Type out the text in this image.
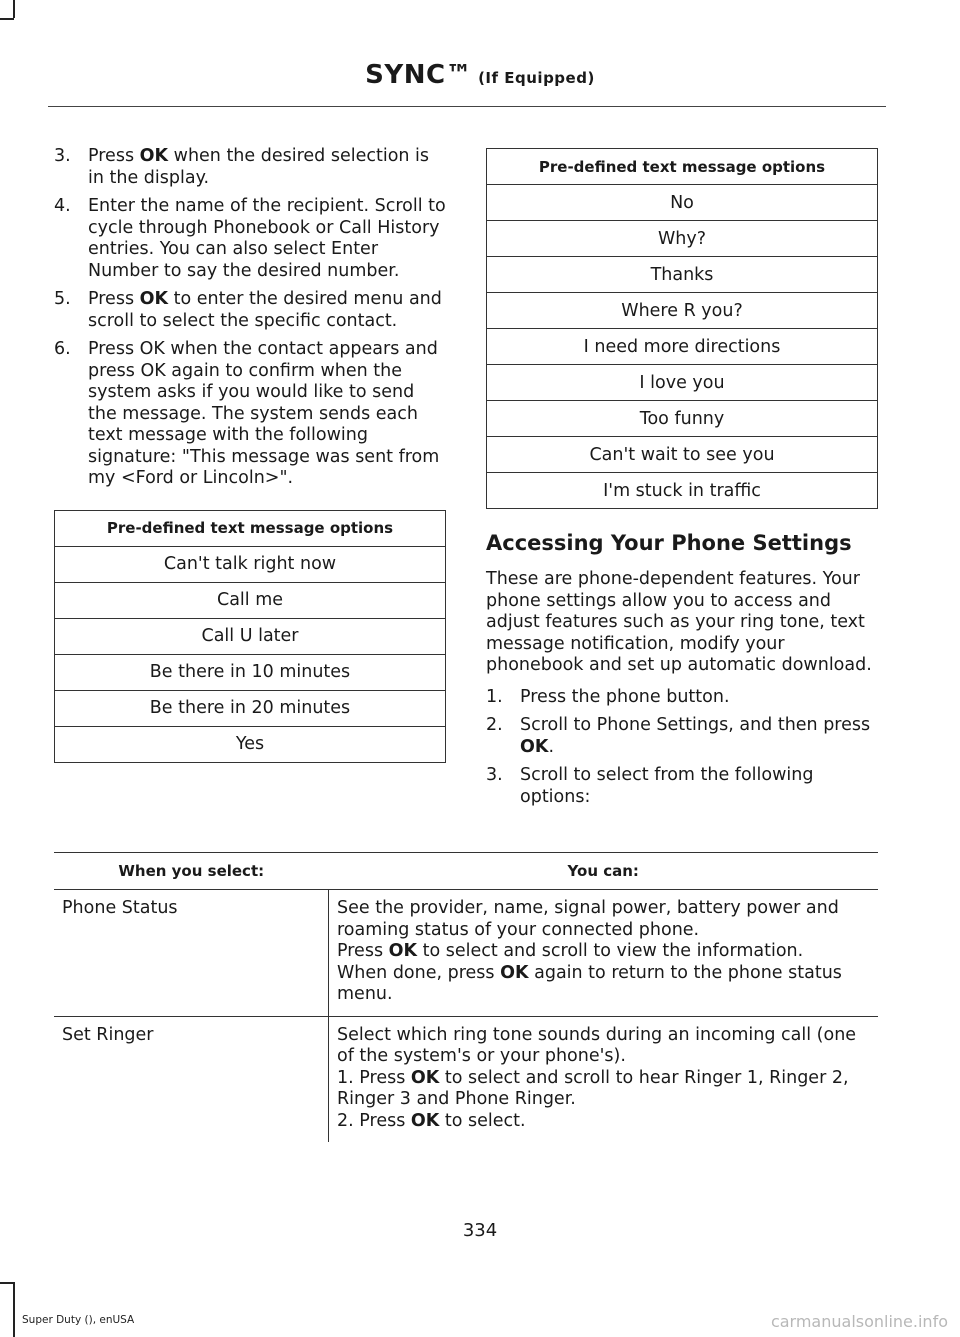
SYNC™ (If Equipped)
3. Press OK when the desired selection is in the display.
4. Enter the name of the recipient. Scroll to cycle through Phonebook or Call History entries. You can also select Enter Number to say the desired number.
5. Press OK to enter the desired menu and scroll to select the specific contact.
6. Press OK when the contact appears and press OK again to confirm when the system asks if you would like to send the message. The system sends each text message with the following signature: "This message was sent from my <Ford or Lincoln>".
Pre-defined text message options
Can't talk right now
Call me
Call U later
Be there in 10 minutes
Be there in 20 minutes
Yes
Pre-defined text message options
No
Why?
Thanks
Where R you?
I need more directions
I love you
Too funny
Can't wait to see you
I'm stuck in traffic
Accessing Your Phone Settings

These are phone-dependent features. Your phone settings allow you to access and adjust features such as your ring tone, text message notification, modify your phonebook and set up automatic download.

1. Press the phone button.
2. Scroll to Phone Settings, and then press OK.
3. Scroll to select from the following options:
When you select:	You can:
Phone Status	See the provider, name, signal power, battery power and roaming status of your connected phone.
Press OK to select and scroll to view the information.
When done, press OK again to return to the phone status menu.

Set Ringer	Select which ring tone sounds during an incoming call (one of the system's or your phone's).
1. Press OK to select and scroll to hear Ringer 1, Ringer 2, Ringer 3 and Phone Ringer.
2. Press OK to select.
334
Super Duty (), enUSA	carmanualsonline.info
